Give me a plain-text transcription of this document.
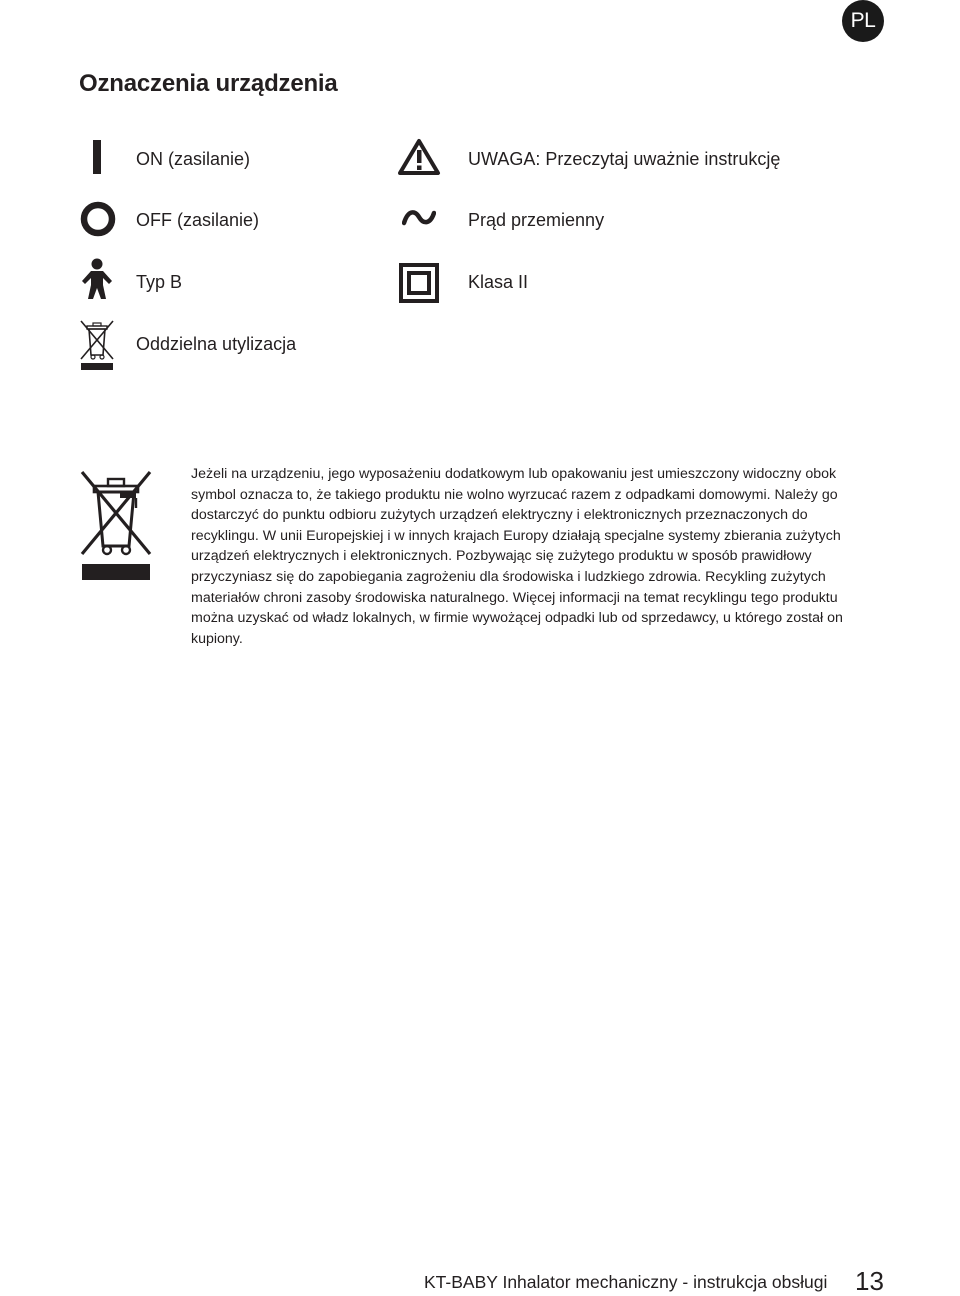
PL
Oznaczenia urządzenia
ON (zasilanie)	UWAGA: Przeczytaj uważnie instrukcję
OFF (zasilanie)	Prąd przemienny
Typ B	Klasa II
Oddzielna utylizacja
Jeżeli na urządzeniu, jego wyposażeniu dodatkowym lub opakowaniu jest umieszczony widoczny obok
symbol oznacza to, że takiego produktu nie wolno wyrzucać razem z odpadkami domowymi. Należy go
dostarczyć do punktu odbioru zużytych urządzeń elektryczny i elektronicznych przeznaczonych do
recyklingu. W unii Europejskiej i w innych krajach Europy działają specjalne systemy zbierania zużytych
urządzeń elektrycznych i elektronicznych. Pozbywając się zużytego produktu w sposób prawidłowy
przyczyniasz się do zapobiegania zagrożeniu dla środowiska i ludzkiego zdrowia. Recykling zużytych
materiałów chroni zasoby środowiska naturalnego. Więcej informacji na temat recyklingu tego produktu
można uzyskać od władz lokalnych, w firmie wywożącej odpadki lub od sprzedawcy, u którego został on
kupiony.
KT-BABY Inhalator mechaniczny - instrukcja obsługi 13
